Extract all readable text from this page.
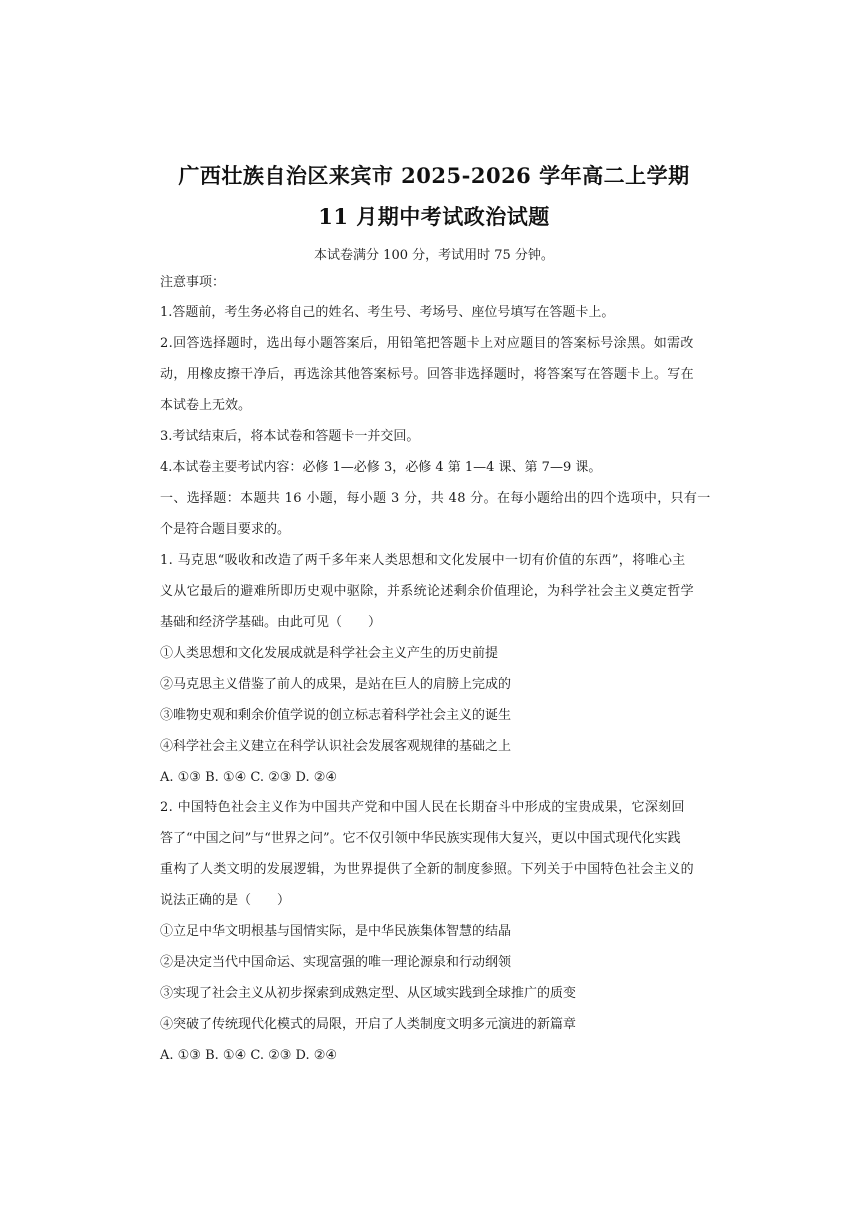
广西壮族自治区来宾市 2025-2026 学年高二上学期
11 月期中考试政治试题
本试卷满分 100 分，考试用时 75 分钟。
注意事项：
1.答题前，考生务必将自己的姓名、考生号、考场号、座位号填写在答题卡上。
2.回答选择题时，选出每小题答案后，用铅笔把答题卡上对应题目的答案标号涂黑。如需改
动，用橡皮擦干净后，再选涂其他答案标号。回答非选择题时，将答案写在答题卡上。写在
本试卷上无效。
3.考试结束后，将本试卷和答题卡一并交回。
4.本试卷主要考试内容：必修 1—必修 3，必修 4 第 1—4 课、第 7—9 课。
一、选择题：本题共 16 小题，每小题 3 分，共 48 分。在每小题给出的四个选项中，只有一
个是符合题目要求的。
1. 马克思“吸收和改造了两千多年来人类思想和文化发展中一切有价值的东西”，将唯心主
义从它最后的避难所即历史观中驱除，并系统论述剩余价值理论，为科学社会主义奠定哲学
基础和经济学基础。由此可见（　　）
①人类思想和文化发展成就是科学社会主义产生的历史前提
②马克思主义借鉴了前人的成果，是站在巨人的肩膀上完成的
③唯物史观和剩余价值学说的创立标志着科学社会主义的诞生
④科学社会主义建立在科学认识社会发展客观规律的基础之上
A. ①③ B. ①④ C. ②③ D. ②④
2. 中国特色社会主义作为中国共产党和中国人民在长期奋斗中形成的宝贵成果，它深刻回
答了“中国之问”与“世界之问”。它不仅引领中华民族实现伟大复兴，更以中国式现代化实践
重构了人类文明的发展逻辑，为世界提供了全新的制度参照。下列关于中国特色社会主义的
说法正确的是（　　）
①立足中华文明根基与国情实际，是中华民族集体智慧的结晶
②是决定当代中国命运、实现富强的唯一理论源泉和行动纲领
③实现了社会主义从初步探索到成熟定型、从区域实践到全球推广的质变
④突破了传统现代化模式的局限，开启了人类制度文明多元演进的新篇章
A. ①③ B. ①④ C. ②③ D. ②④
